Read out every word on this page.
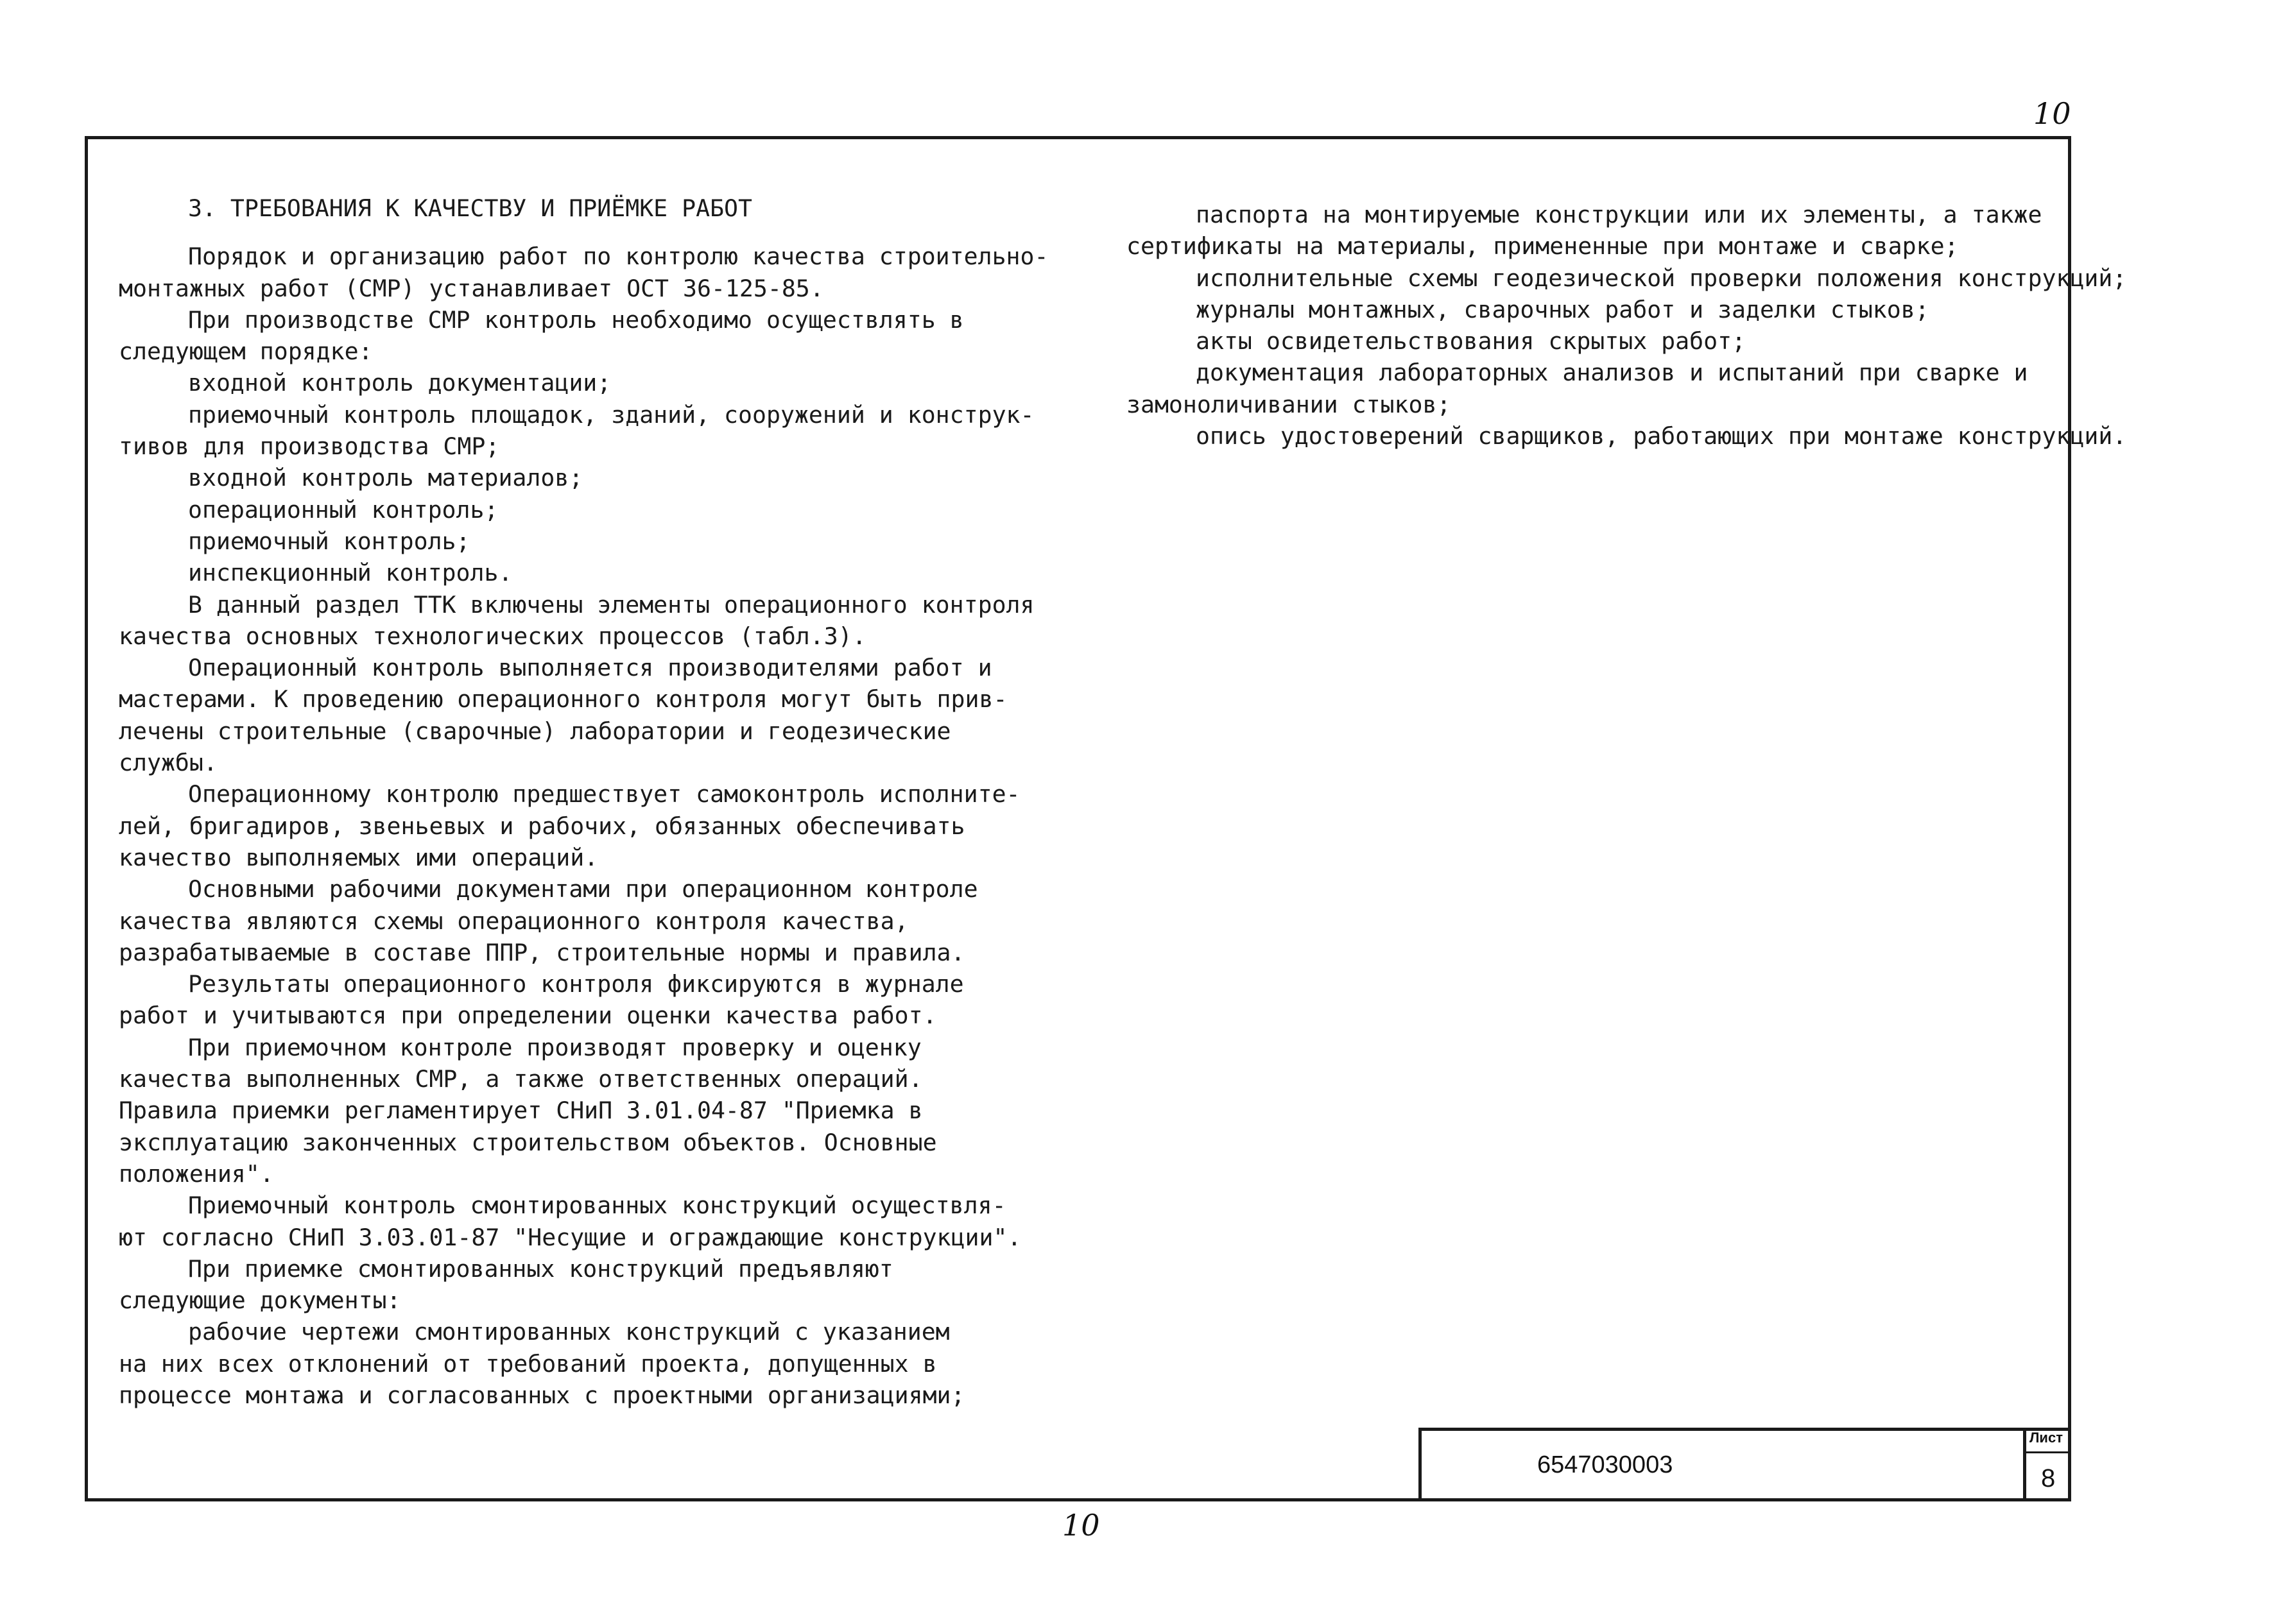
10

3. ТРЕБОВАНИЯ К КАЧЕСТВУ И ПРИЁМКЕ РАБОТ

Порядок и организацию работ по контролю качества строительно-

монтажных работ (СМР) устанавливает ОСТ 36-125-85.

При производстве СМР контроль необходимо осуществлять в

следующем порядке:

входной контроль документации;

приемочный контроль площадок, зданий, сооружений и конструк-

тивов для производства СМР;

входной контроль материалов;

операционный контроль;

приемочный контроль;

инспекционный контроль.

В данный раздел ТТК включены элементы операционного контроля

качества основных технологических процессов (табл.3).

Операционный контроль выполняется производителями работ и

мастерами. К проведению операционного контроля могут быть прив-

лечены строительные (сварочные) лаборатории и геодезические

службы.

Операционному контролю предшествует самоконтроль исполните-

лей, бригадиров, звеньевых и рабочих, обязанных обеспечивать

качество выполняемых ими операций.

Основными рабочими документами при операционном контроле

качества являются схемы операционного контроля качества,

разрабатываемые в составе ППР, строительные нормы и правила.

Результаты операционного контроля фиксируются в журнале

работ и учитываются при определении оценки качества работ.

При приемочном контроле производят проверку и оценку

качества выполненных СМР, а также ответственных операций.

Правила приемки регламентирует СНиП 3.01.04-87 "Приемка в

эксплуатацию законченных строительством объектов. Основные

положения".

Приемочный контроль смонтированных конструкций осуществля-

ют согласно СНиП 3.03.01-87 "Несущие и ограждающие конструкции".

При приемке смонтированных конструкций предъявляют

следующие документы:

рабочие чертежи смонтированных конструкций с указанием

на них всех отклонений от требований проекта, допущенных в

процессе монтажа и согласованных с проектными организациями;

паспорта на монтируемые конструкции или их элементы, а также

сертификаты на материалы, примененные при монтаже и сварке;

исполнительные схемы геодезической проверки положения конструкций;

журналы монтажных, сварочных работ и заделки стыков;

акты освидетельствования скрытых работ;

документация лабораторных анализов и испытаний при сварке и

замоноличивании стыков;

опись удостоверений сварщиков, работающих при монтаже конструкций.

6547030003
Лист
8
10
